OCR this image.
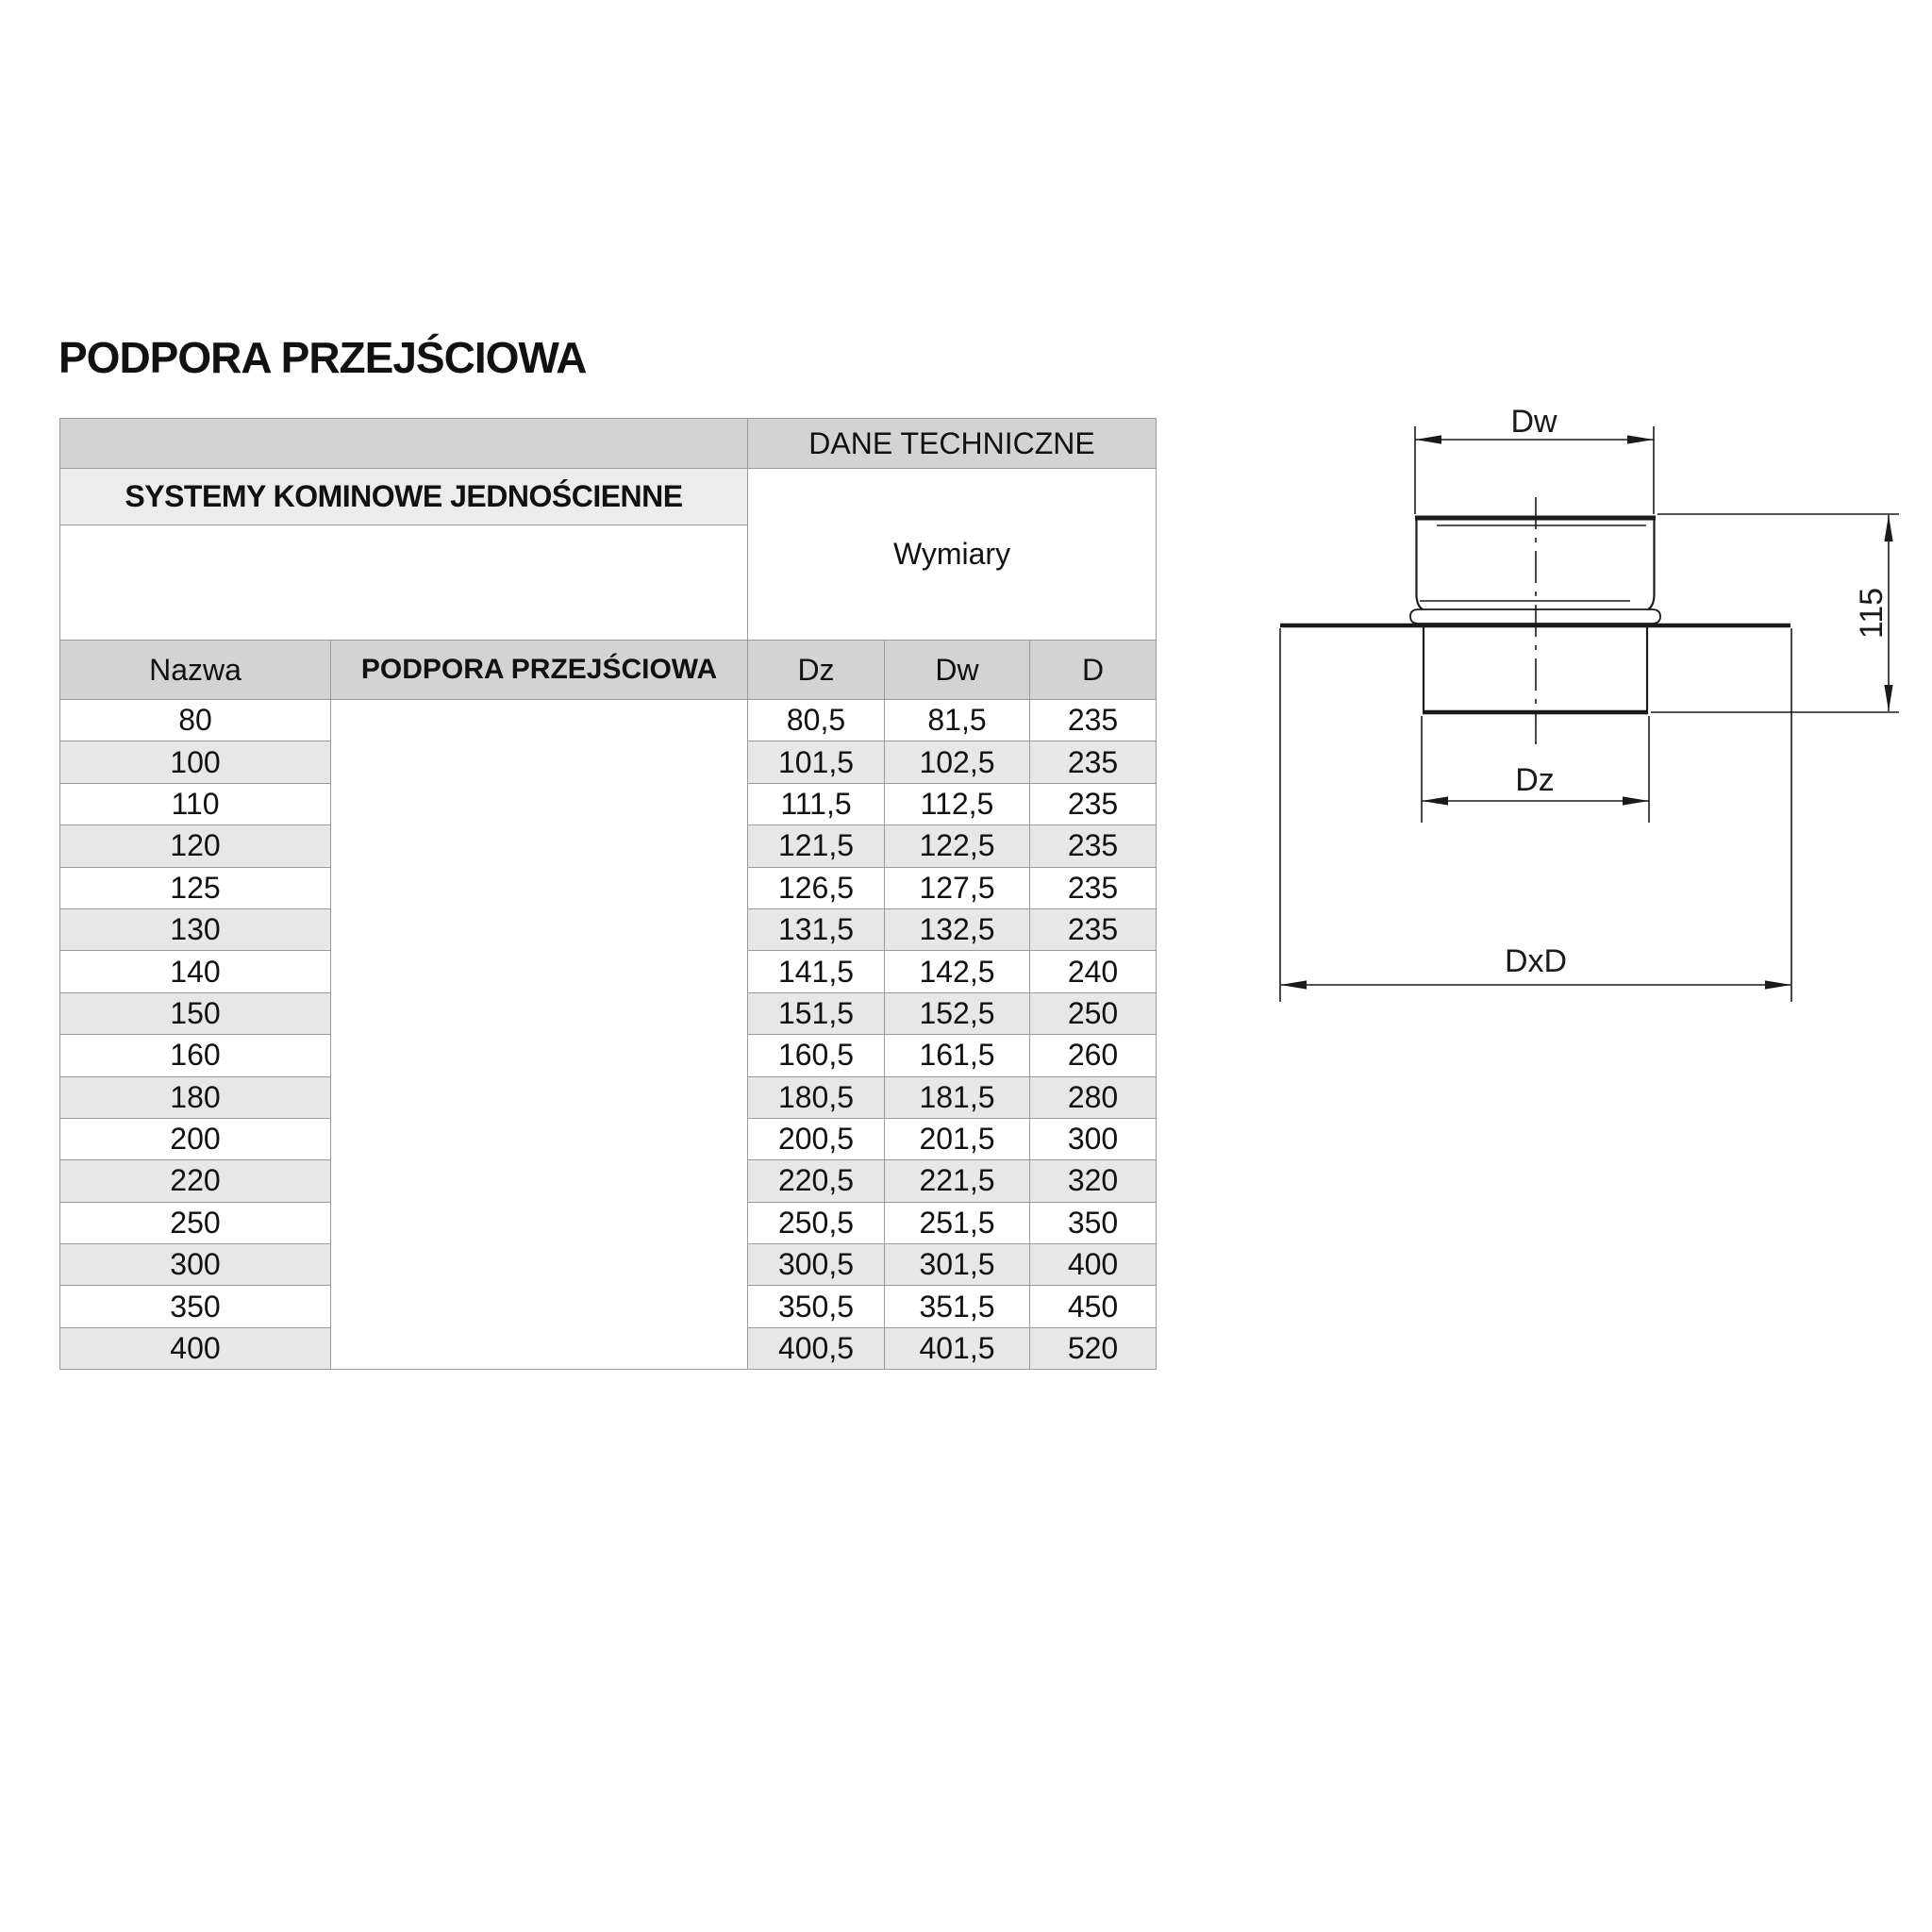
PODPORA PRZEJŚCIOWA
		DANE TECHNICZNE		
SYSTEMY KOMINOWE JEDNOŚCIENNE		Wymiary		

Nazwa	PODPORA PRZEJŚCIOWA	Dz	Dw	D
80		80,5	81,5	235
100		101,5	102,5	235
110		111,5	112,5	235
120		121,5	122,5	235
125		126,5	127,5	235
130		131,5	132,5	235
140		141,5	142,5	240
150		151,5	152,5	250
160		160,5	161,5	260
180		180,5	181,5	280
200		200,5	201,5	300
220		220,5	221,5	320
250		250,5	251,5	350
300		300,5	301,5	400
350		350,5	351,5	450
400		400,5	401,5	520
Dw
Dz
DxD
115
